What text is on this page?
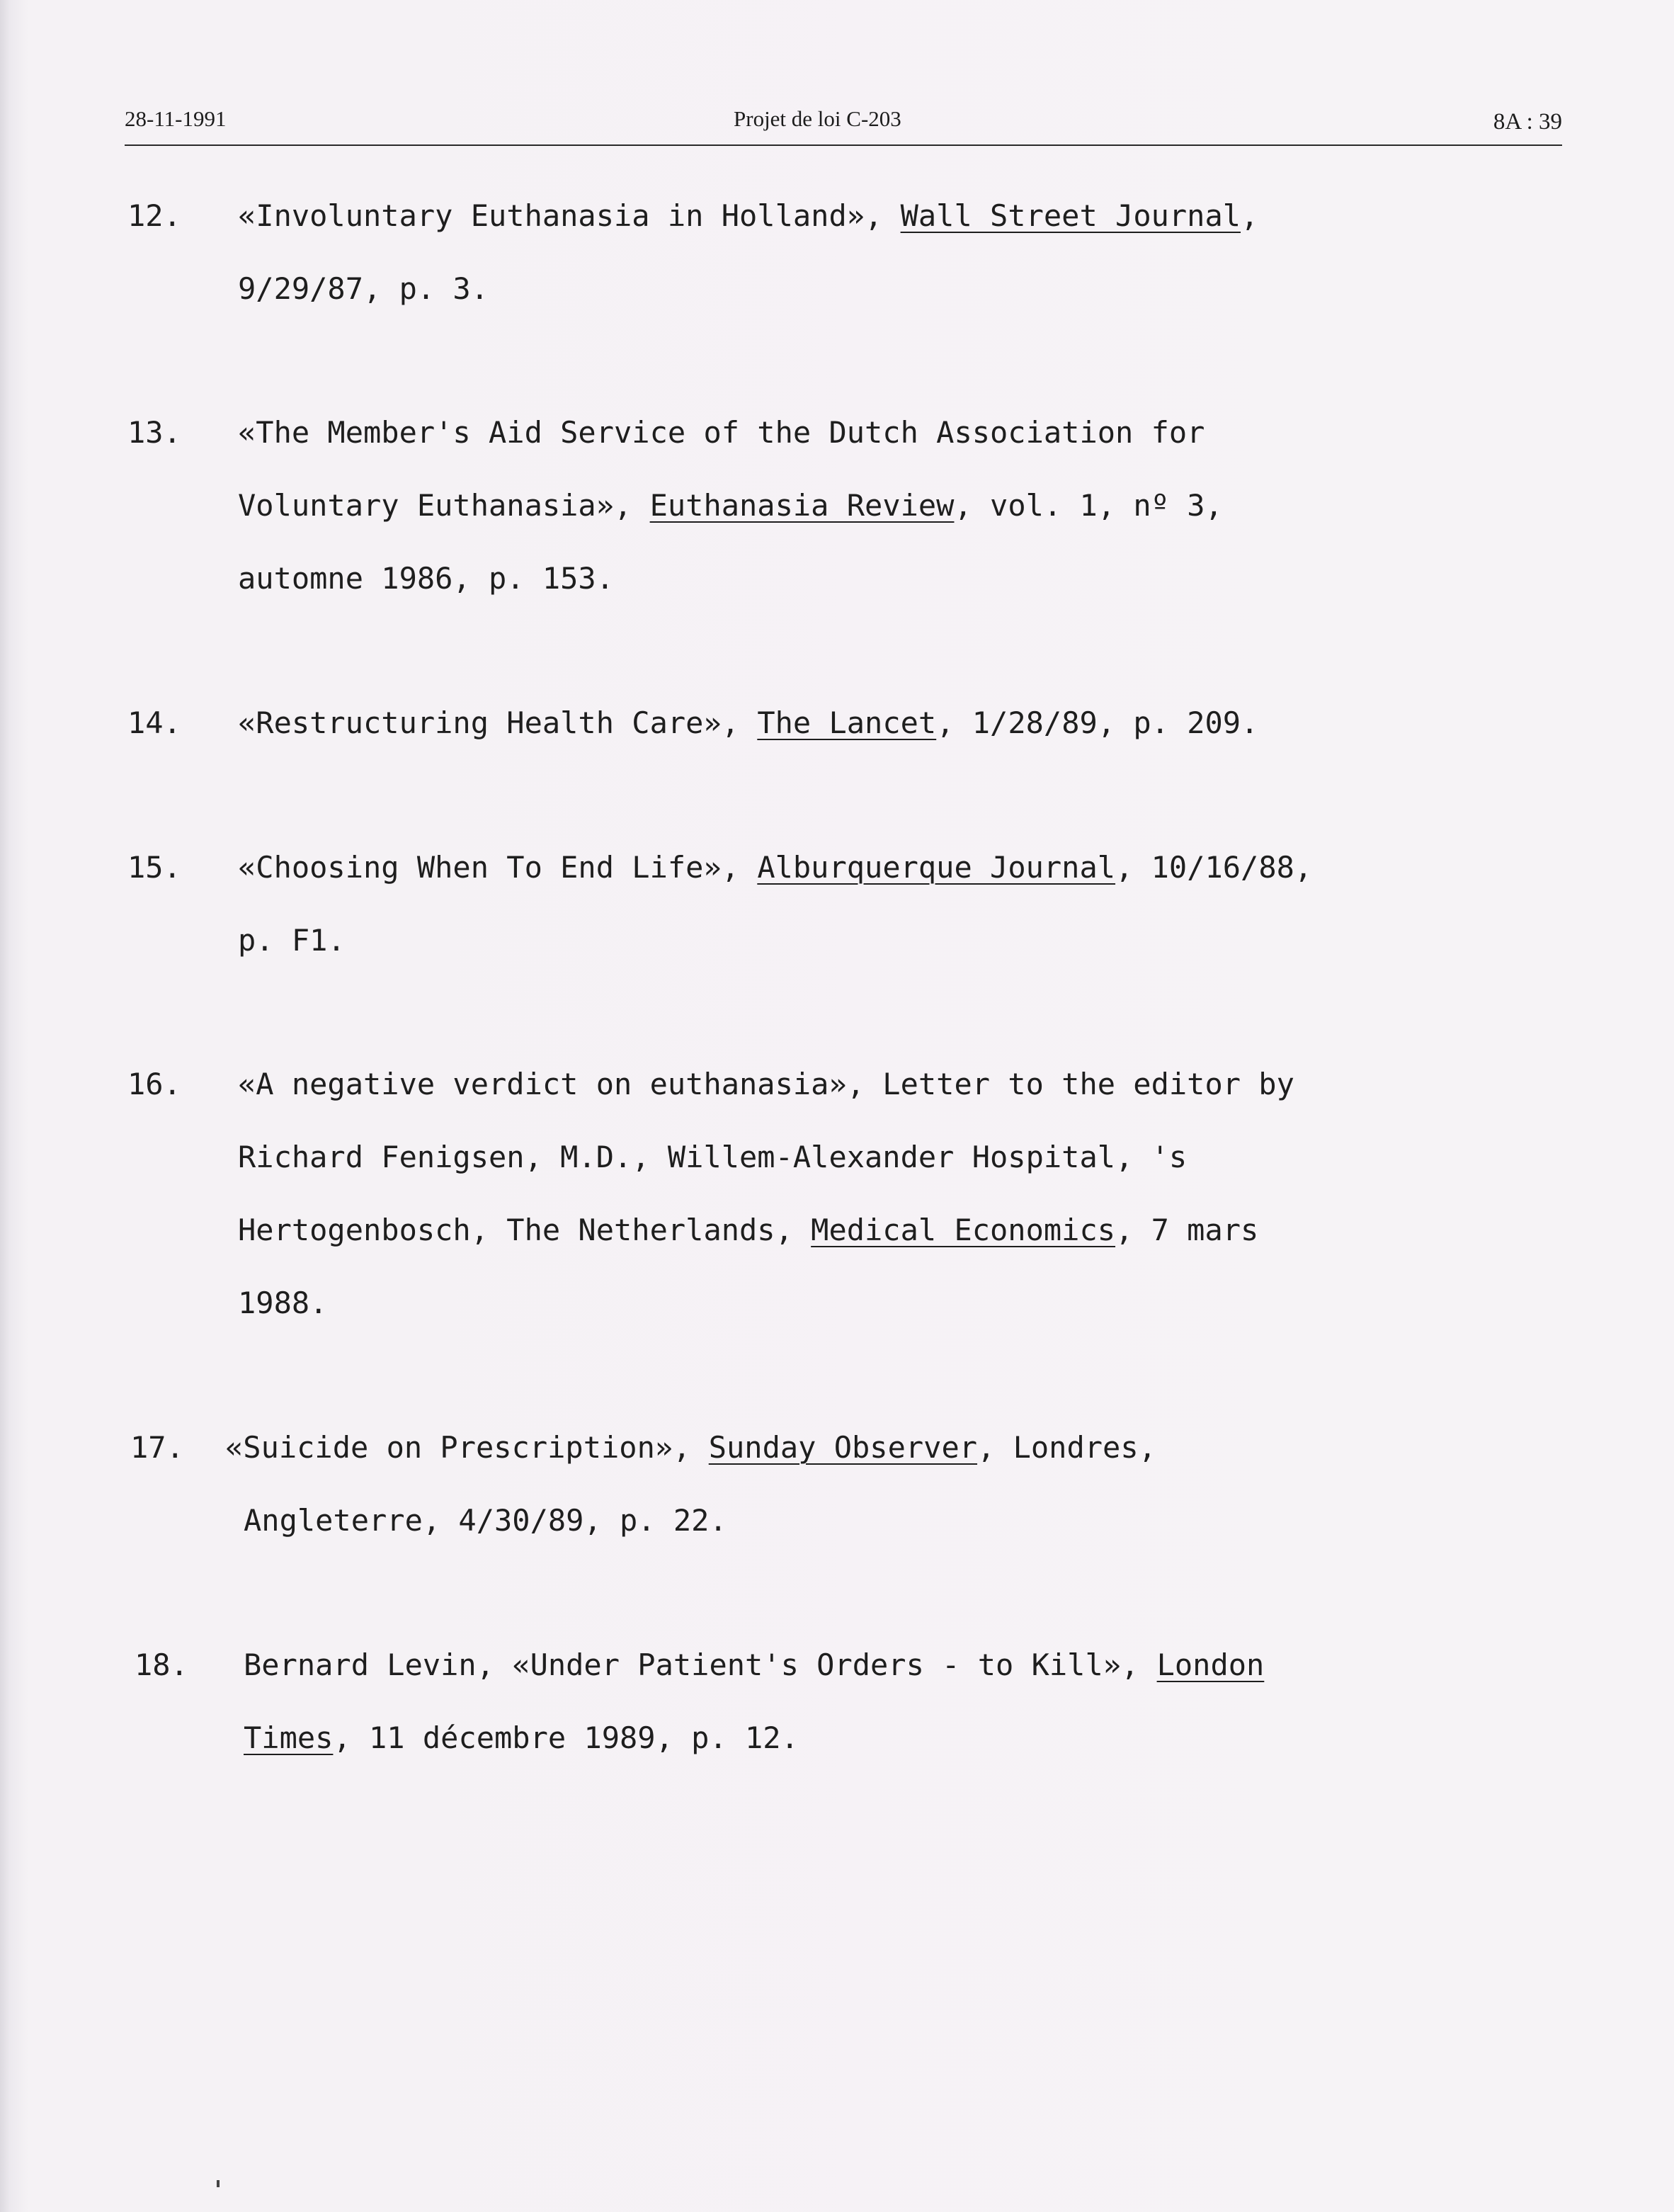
28-11-1991	Projet de loi C-203	8A : 39
12. «Involuntary Euthanasia in Holland», Wall Street Journal,
9/29/87, p. 3.
13. «The Member's Aid Service of the Dutch Association for
Voluntary Euthanasia», Euthanasia Review, vol. 1, nº 3,
automne 1986, p. 153.
14. «Restructuring Health Care», The Lancet, 1/28/89, p. 209.
15. «Choosing When To End Life», Alburquerque Journal, 10/16/88,
p. F1.
16. «A negative verdict on euthanasia», Letter to the editor by
Richard Fenigsen, M.D., Willem-Alexander Hospital, 's
Hertogenbosch, The Netherlands, Medical Economics, 7 mars
1988.
17. «Suicide on Prescription», Sunday Observer, Londres,
Angleterre, 4/30/89, p. 22.
18. Bernard Levin, «Under Patient's Orders - to Kill», London
Times, 11 décembre 1989, p. 12.
